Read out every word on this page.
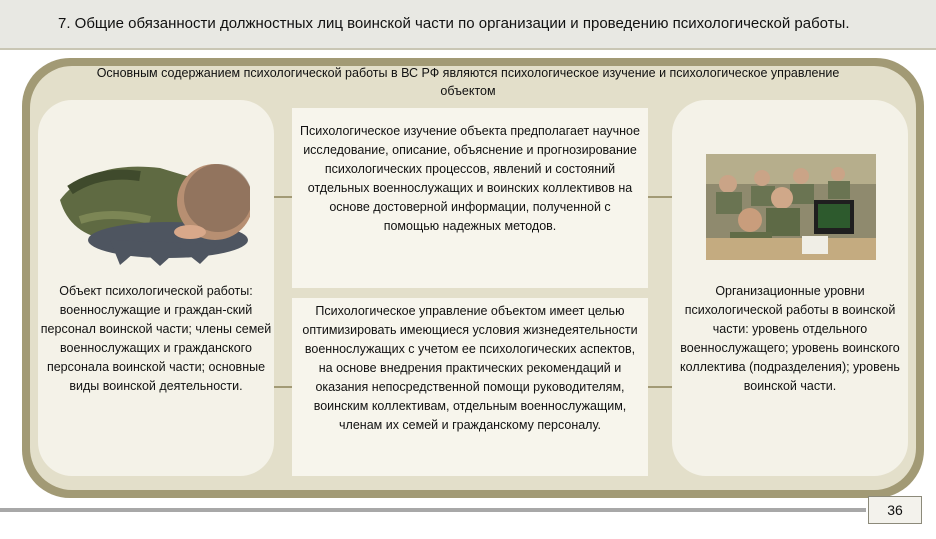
7. Общие обязанности должностных лиц воинской части по организации и проведению психологической работы.
Основным содержанием психологической работы в ВС РФ являются психологическое изучение и психологическое управление объектом
Объект психологической работы: военнослужащие и граждан-ский персонал воинской части; члены семей военнослужащих и гражданского персонала воинской части; основные виды воинской деятельности.
Организационные уровни психологической работы в воинской части: уровень отдельного военнослужащего; уровень воинского коллектива (подразделения); уровень воинской части.
Психологическое изучение объекта предполагает научное исследование, описание, объяснение и прогнозирование психологических процессов, явлений и состояний отдельных военнослужащих и воинских коллективов на основе достоверной информации, полученной с помощью надежных методов.
Психологическое управление объектом имеет целью оптимизировать имеющиеся условия жизнедеятельности военнослужащих с учетом ее психологических аспектов, на основе внедрения практических рекомендаций и оказания непосредственной помощи руководителям, воинским коллективам, отдельным военнослужащим, членам их семей и гражданскому персоналу.
36
